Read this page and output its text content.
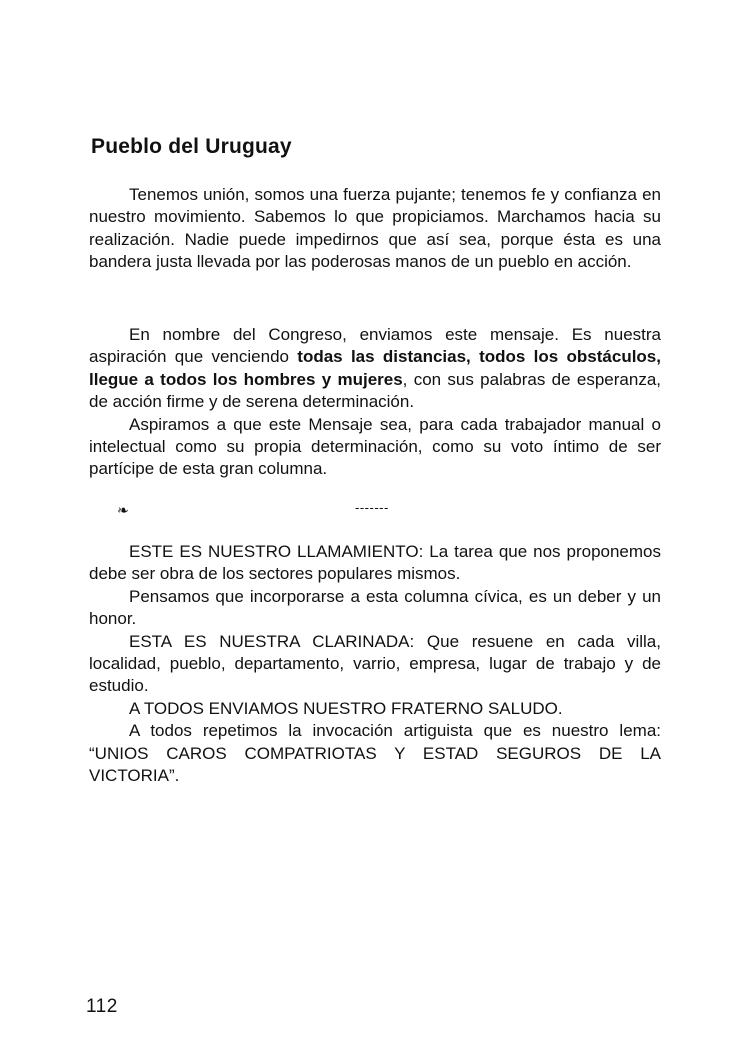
Pueblo del Uruguay

Tenemos unión, somos una fuerza pujante; tenemos fe y confianza en nuestro movimiento. Sabemos lo que propiciamos. Marchamos hacia su realización. Nadie puede impedirnos que así sea, porque ésta es una bandera justa llevada por las poderosas manos de un pueblo en acción.

En nombre del Congreso, enviamos este mensaje. Es nuestra aspiración que venciendo todas las distancias, todos los obstáculos, llegue a todos los hombres y mujeres, con sus palabras de esperanza, de acción firme y de serena determinación.

Aspiramos a que este Mensaje sea, para cada trabajador manual o intelectual como su propia determinación, como su voto íntimo de ser partícipe de esta gran columna.

❧	-------

ESTE ES NUESTRO LLAMAMIENTO: La tarea que nos proponemos debe ser obra de los sectores populares mismos.

Pensamos que incorporarse a esta columna cívica, es un deber y un honor.

ESTA ES NUESTRA CLARINADA: Que resuene en cada villa, localidad, pueblo, departamento, varrio, empresa, lugar de trabajo y de estudio.

A TODOS ENVIAMOS NUESTRO FRATERNO SALUDO.

A todos repetimos la invocación artiguista que es nuestro lema: “UNIOS CAROS COMPATRIOTAS Y ESTAD SEGUROS DE LA VICTORIA”.

112
